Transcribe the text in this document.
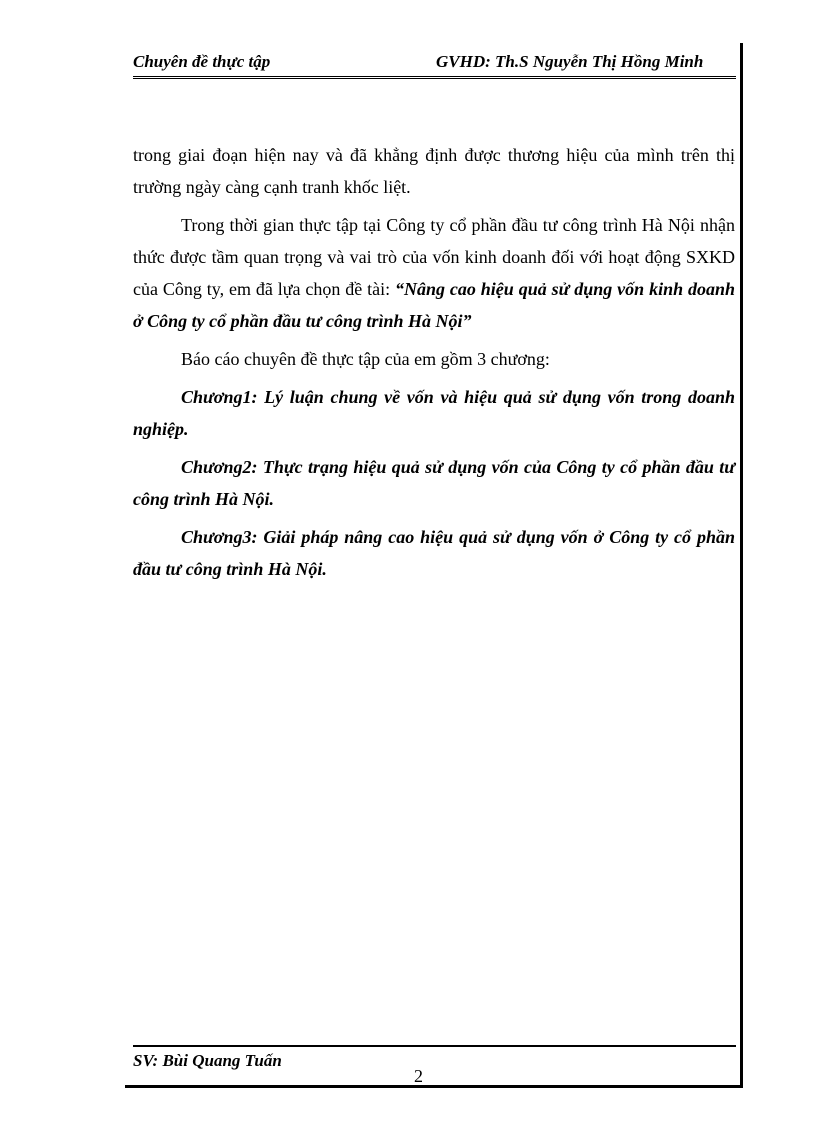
Chuyên đề thực tập	GVHD: Th.S Nguyễn Thị Hồng Minh

trong giai đoạn hiện nay và đã khẳng định được thương hiệu của mình trên thị trường ngày càng cạnh tranh khốc liệt.

Trong thời gian thực tập tại Công ty cổ phần đầu tư công trình Hà Nội nhận thức được tầm quan trọng và vai trò của vốn kinh doanh đối với hoạt động SXKD của Công ty, em đã lựa chọn đề tài: “Nâng cao hiệu quả sử dụng vốn kinh doanh ở Công ty cổ phần đầu tư công trình Hà Nội”

Báo cáo chuyên đề thực tập của em gồm 3 chương:

Chương1: Lý luận chung về vốn và hiệu quả sử dụng vốn trong doanh nghiệp.

Chương2: Thực trạng hiệu quả sử dụng vốn của Công ty cổ phần đầu tư công trình Hà Nội.

Chương3: Giải pháp nâng cao hiệu quả sử dụng vốn ở Công ty cổ phần đầu tư công trình Hà Nội.

SV: Bùi Quang Tuấn
2
